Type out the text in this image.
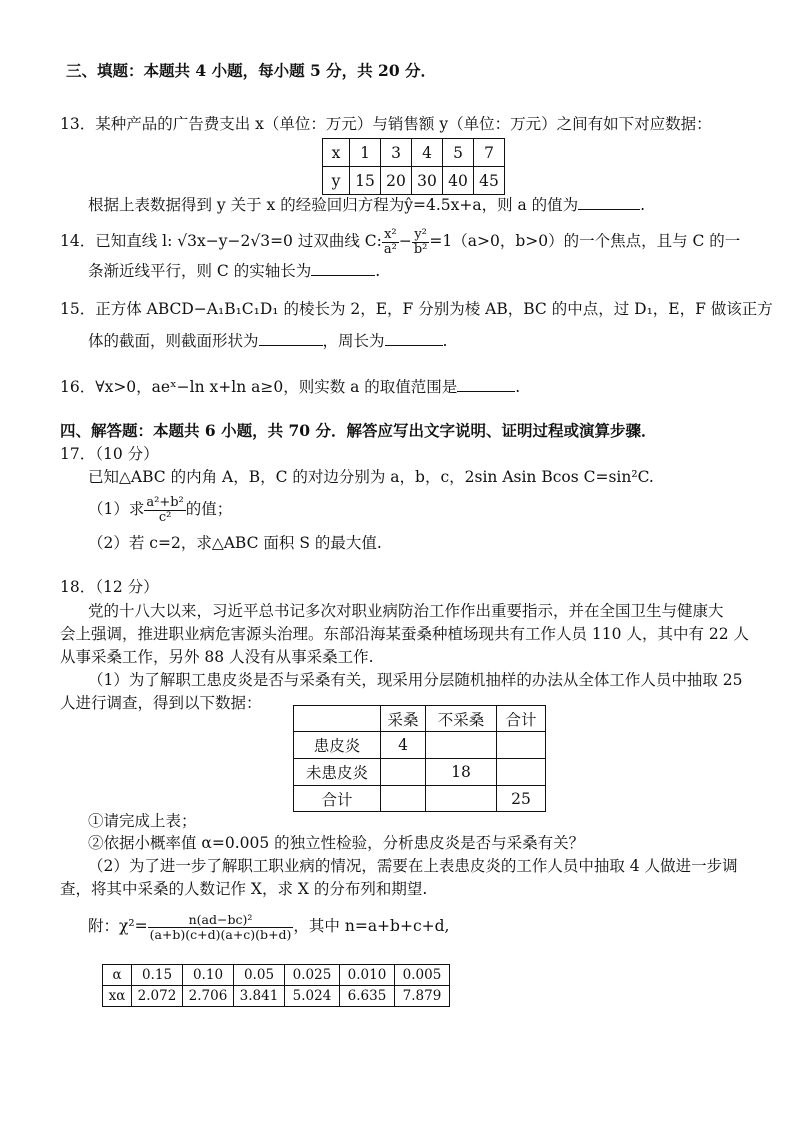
三、填题：本题共 4 小题，每小题 5 分，共 20 分．
13．某种产品的广告费支出 x（单位：万元）与销售额 y（单位：万元）之间有如下对应数据：
x	1	3	4	5	7
y	15	20	30	40	45
根据上表数据得到 y 关于 x 的经验回归方程为ŷ=4.5x+a，则 a 的值为	.
14．已知直线 l: √3x−y−2√3=0 过双曲线 C: $\frac{\text{x²}}{\text{a²}} - \frac{\text{y²}}{\text{b²}} =1(a>0$，b>0）的一个焦点，且与 C 的一
条渐近线平行，则 C 的实轴长为	.
15．正方体 ABCD−A₁B₁C₁D₁ 的棱长为 2，E，F 分别为棱 AB，BC 的中点，过 D₁，E，F 做该正方
体的截面，则截面形状为	，周长为	.
16．∀x>0，aeˣ−ln x+ln a≥0，则实数 a 的取值范围是	.
四、解答题：本题共 6 小题，共 70 分．解答应写出文字说明、证明过程或演算步骤．
17．（10 分）
已知△ABC 的内角 A，B，C 的对边分别为 a，b，c，2sin Asin Bcos C=sin²C.
（1）求 $\frac{\text{a²+b²}}{\text{c²}}$ 的值；
（2）若 c=2，求△ABC 面积 S 的最大值.
18．（12 分）
党的十八大以来，习近平总书记多次对职业病防治工作作出重要指示，并在全国卫生与健康大
会上强调，推进职业病危害源头治理。东部沿海某蚕桑种植场现共有工作人员 110 人，其中有 22 人
从事采桑工作，另外 88 人没有从事采桑工作.
（1）为了解职工患皮炎是否与采桑有关，现采用分层随机抽样的办法从全体工作人员中抽取 25
人进行调查，得到以下数据：
	采桑	不采桑	合计
患皮炎	4		
未患皮炎		18	
合计			25
①请完成上表；
②依据小概率值 α=0.005 的独立性检验，分析患皮炎是否与采桑有关？
（2）为了进一步了解职工职业病的情况，需要在上表患皮炎的工作人员中抽取 4 人做进一步调
查，将其中采桑的人数记作 X，求 X 的分布列和期望.
附：$\chi^2= \frac{\text{n(ad−bc)²}}{(a+b)(c+d)(a+c)(b+d)}$ ，其中 n=a+b+c+d,
α	0.15	0.10	0.05	0.025	0.010	0.005
xα	2.072	2.706	3.841	5.024	6.635	7.879
